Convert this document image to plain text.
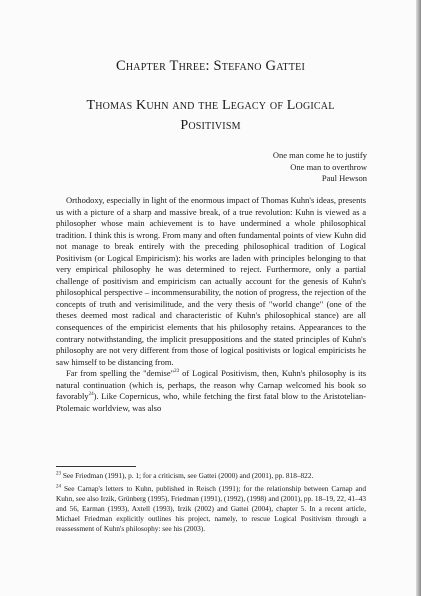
Chapter Three: Stefano Gattei
Thomas Kuhn and the Legacy of Logical
Positivism
One man come he to justify
One man to overthrow
Paul Hewson

Orthodoxy, especially in light of the enormous impact of Thomas Kuhn's ideas, presents us with a picture of a sharp and massive break, of a true revolution: Kuhn is viewed as a philosopher whose main achievement is to have undermined a whole philosophical tradition. I think this is wrong. From many and often fundamental points of view Kuhn did not manage to break entirely with the preceding philosophical tradition of Logical Positivism (or Logical Empiricism): his works are laden with principles belonging to that very empirical philosophy he was determined to reject. Furthermore, only a partial challenge of positivism and empiricism can actually account for the genesis of Kuhn's philosophical perspective – incommensurability, the notion of progress, the rejection of the concepts of truth and verisimilitude, and the very thesis of "world change" (one of the theses deemed most radical and characteristic of Kuhn's philosophical stance) are all consequences of the empiricist elements that his philosophy retains. Appearances to the contrary notwithstanding, the implicit presuppositions and the stated principles of Kuhn's philosophy are not very different from those of logical positivists or logical empiricists he saw himself to be distancing from.

Far from spelling the "demise"$^{23}$ of Logical Positivism, then, Kuhn's philosophy is its natural continuation (which is, perhaps, the reason why Carnap welcomed his book so favorably$^{24}$). Like Copernicus, who, while fetching the first fatal blow to the Aristotelian-Ptolemaic worldview, was also

$^{23}$ See Friedman (1991), p. 1; for a criticism, see Gattei (2000) and (2001), pp. 818–822.

$^{24}$ See Carnap's letters to Kuhn, published in Reisch (1991); for the relationship between Carnap and Kuhn, see also Irzik, Grünberg (1995), Friedman (1991), (1992), (1998) and (2001), pp. 18–19, 22, 41–43 and 56, Earman (1993), Axtell (1993), Irzik (2002) and Gattei (2004), chapter 5. In a recent article, Michael Friedman explicitly outlines his project, namely, to rescue Logical Positivism through a reassessment of Kuhn's philosophy: see his (2003).
